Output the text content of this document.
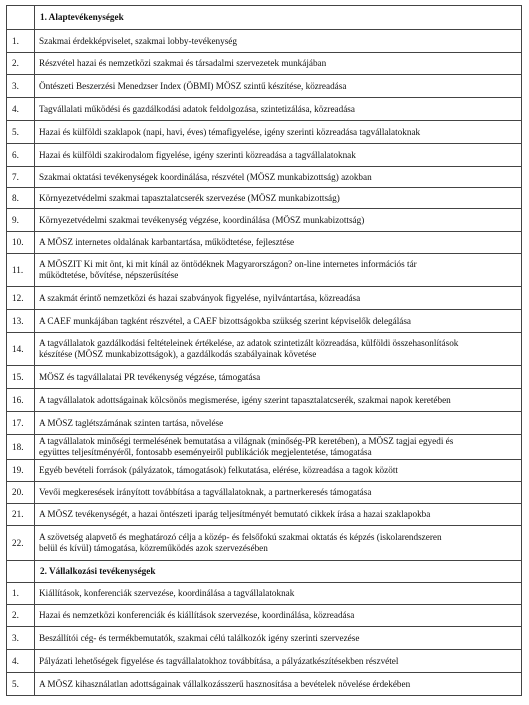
	1. Alaptevékenységek
1.	Szakmai érdekképviselet, szakmai lobby-tevékenység

2.	Részvétel hazai és nemzetközi szakmai és társadalmi szervezetek munkájában

3.	Öntészeti Beszerzési Menedzser Index (ÖBMI) MÖSZ szintű készítése, közreadása

4.	Tagvállalati működési és gazdálkodási adatok feldolgozása, szintetizálása, közreadása

5.	Hazai és külföldi szaklapok (napi, havi, éves) témafigyelése, igény szerinti közreadása tagvállalatoknak

6.	Hazai és külföldi szakirodalom figyelése, igény szerinti közreadása a tagvállalatoknak

7.	Szakmai oktatási tevékenységek koordinálása, részvétel (MÖSZ munkabizottság) azokban

8.	Környezetvédelmi szakmai tapasztalatcserék szervezése (MÖSZ munkabizottság)

9.	Környezetvédelmi szakmai tevékenység végzése, koordinálása (MÖSZ munkabizottság)

10.	A MÖSZ internetes oldalának karbantartása, működtetése, fejlesztése

11.	A MÖSZIT Ki mit önt, ki mit kínál az öntödéknek Magyarországon? on-line internetes információs tár
működtetése, bővítése, népszerűsítése

12.	A szakmát érintő nemzetközi és hazai szabványok figyelése, nyilvántartása, közreadása

13.	A CAEF munkájában tagként részvétel, a CAEF bizottságokba szükség szerint képviselők delegálása

14.	A tagvállalatok gazdálkodási feltételeinek értékelése, az adatok szintetizált közreadása, külföldi összehasonlítások
készítése (MÖSZ munkabizottságok), a gazdálkodás szabályainak követése

15.	MÖSZ és tagvállalatai PR tevékenység végzése, támogatása

16.	A tagvállalatok adottságainak kölcsönös megismerése, igény szerint tapasztalatcserék, szakmai napok keretében

17.	A MÖSZ taglétszámának szinten tartása, növelése

18.	A tagvállalatok minőségi termelésének bemutatása a világnak (minőség-PR keretében), a MÖSZ tagjai egyedi és
együttes teljesítményéről, fontosabb eseményeiről publikációk megjelentetése, támogatása

19.	Egyéb bevételi források (pályázatok, támogatások) felkutatása, elérése, közreadása a tagok között

20.	Vevői megkeresések irányított továbbítása a tagvállalatoknak, a partnerkeresés támogatása

21.	A MÖSZ tevékenységét, a hazai öntészeti iparág teljesítményét bemutató cikkek írása a hazai szaklapokba

22.	A szövetség alapvető és meghatározó célja a közép- és felsőfokú szakmai oktatás és képzés (iskolarendszeren
belül és kívül) támogatása, közreműködés azok szervezésében

	2. Vállalkozási tevékenységek
1.	Kiállítások, konferenciák szervezése, koordinálása a tagvállalatoknak

2.	Hazai és nemzetközi konferenciák és kiállítások szervezése, koordinálása, közreadása

3.	Beszállítói cég- és termékbemutatók, szakmai célú találkozók igény szerinti szervezése

4.	Pályázati lehetőségek figyelése és tagvállalatokhoz továbbítása, a pályázatkészítésekben részvétel

5.	A MÖSZ kihasználatlan adottságainak vállalkozásszerű hasznosítása a bevételek növelése érdekében
